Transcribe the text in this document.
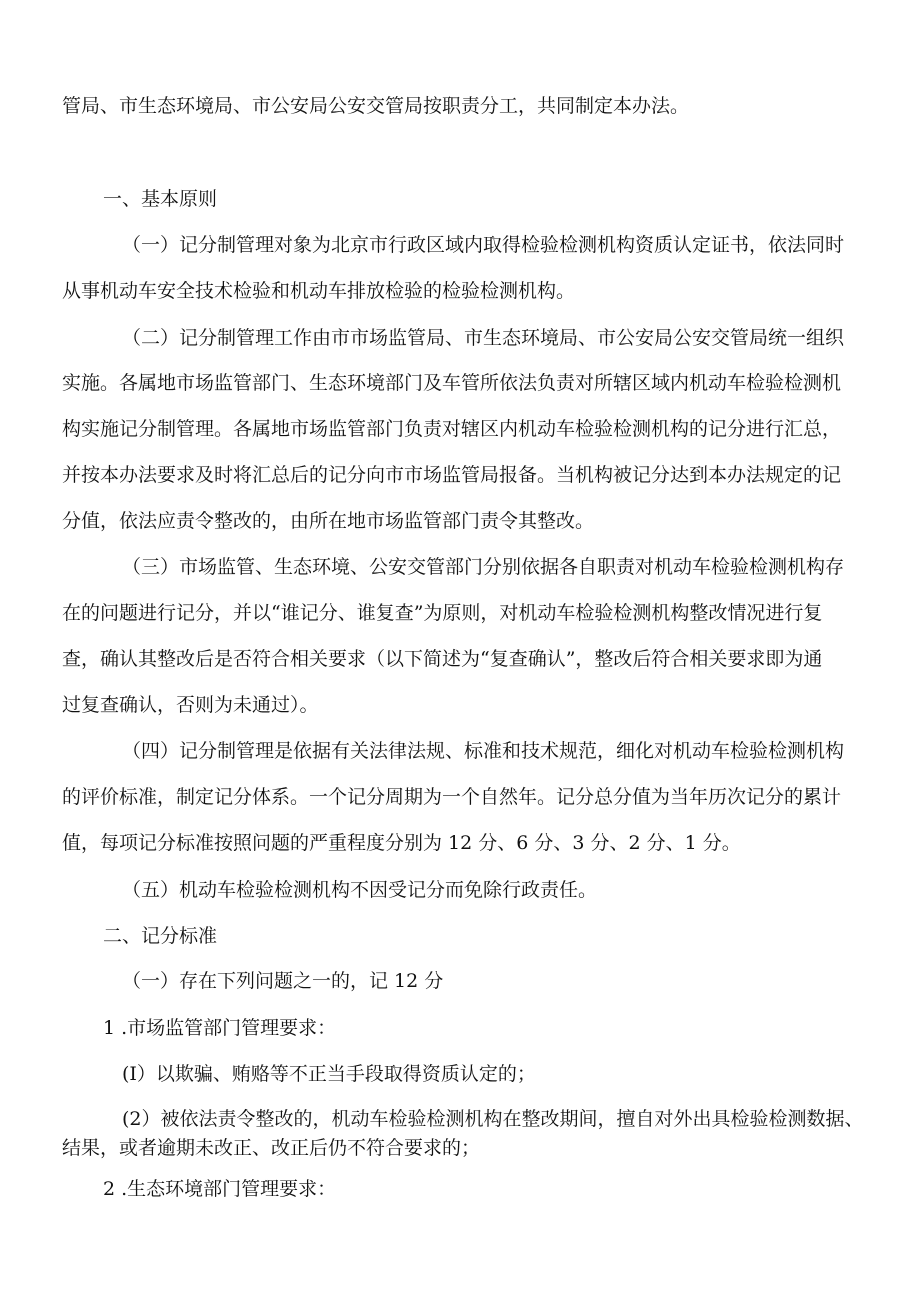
管局、市生态环境局、市公安局公安交管局按职责分工，共同制定本办法。
一、基本原则
（一）记分制管理对象为北京市行政区域内取得检验检测机构资质认定证书，依法同时
从事机动车安全技术检验和机动车排放检验的检验检测机构。
（二）记分制管理工作由市市场监管局、市生态环境局、市公安局公安交管局统一组织
实施。各属地市场监管部门、生态环境部门及车管所依法负责对所辖区域内机动车检验检测机
构实施记分制管理。各属地市场监管部门负责对辖区内机动车检验检测机构的记分进行汇总，
并按本办法要求及时将汇总后的记分向市市场监管局报备。当机构被记分达到本办法规定的记
分值，依法应责令整改的，由所在地市场监管部门责令其整改。
（三）市场监管、生态环境、公安交管部门分别依据各自职责对机动车检验检测机构存
在的问题进行记分，并以“谁记分、谁复查”为原则，对机动车检验检测机构整改情况进行复
查，确认其整改后是否符合相关要求（以下简述为“复查确认”，整改后符合相关要求即为通
过复查确认，否则为未通过）。
（四）记分制管理是依据有关法律法规、标准和技术规范，细化对机动车检验检测机构
的评价标准，制定记分体系。一个记分周期为一个自然年。记分总分值为当年历次记分的累计
值，每项记分标准按照问题的严重程度分别为 12 分、6 分、3 分、2 分、1 分。
（五）机动车检验检测机构不因受记分而免除行政责任。
二、记分标准
（一）存在下列问题之一的，记 12 分
1 .市场监管部门管理要求：
(I）以欺骗、贿赂等不正当手段取得资质认定的；
(2）被依法责令整改的，机动车检验检测机构在整改期间，擅自对外出具检验检测数据、
结果，或者逾期未改正、改正后仍不符合要求的；
2 .生态环境部门管理要求：
